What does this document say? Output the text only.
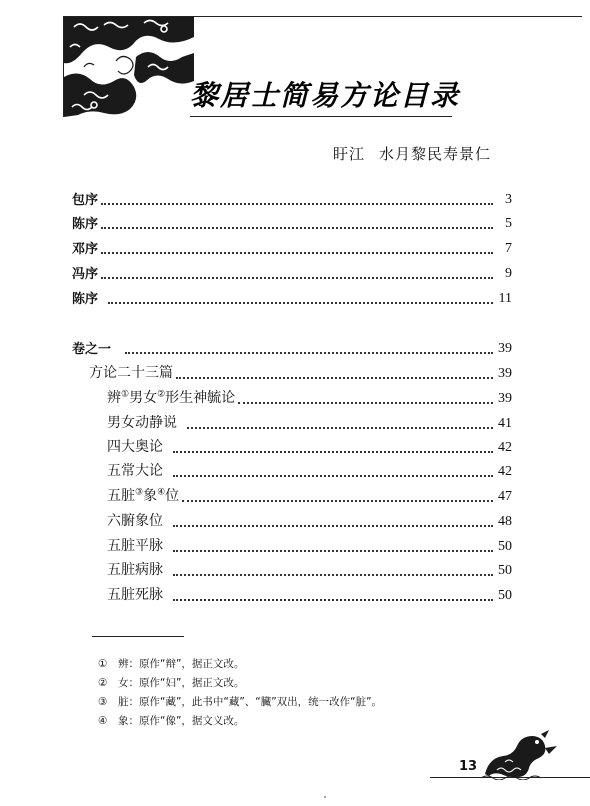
黎居士简易方论目录
盱江 水月黎民寿景仁
包序	3
陈序	5
邓序	7
冯序	9
陈序	11
卷之一	39
方论二十三篇	39
辨①男女②形生神毓论	39
男女动静说	41
四大奥论	42
五常大论	42
五脏③象④位	47
六腑象位	48
五脏平脉	50
五脏病脉	50
五脏死脉	50
① 辨：原作“辩”，据正文改。
② 女：原作“妇”，据正文改。
③ 脏：原作“藏”，此书中“藏”、“臟”双出，统一改作“脏”。
④ 象：原作“像”，据文义改。
13
